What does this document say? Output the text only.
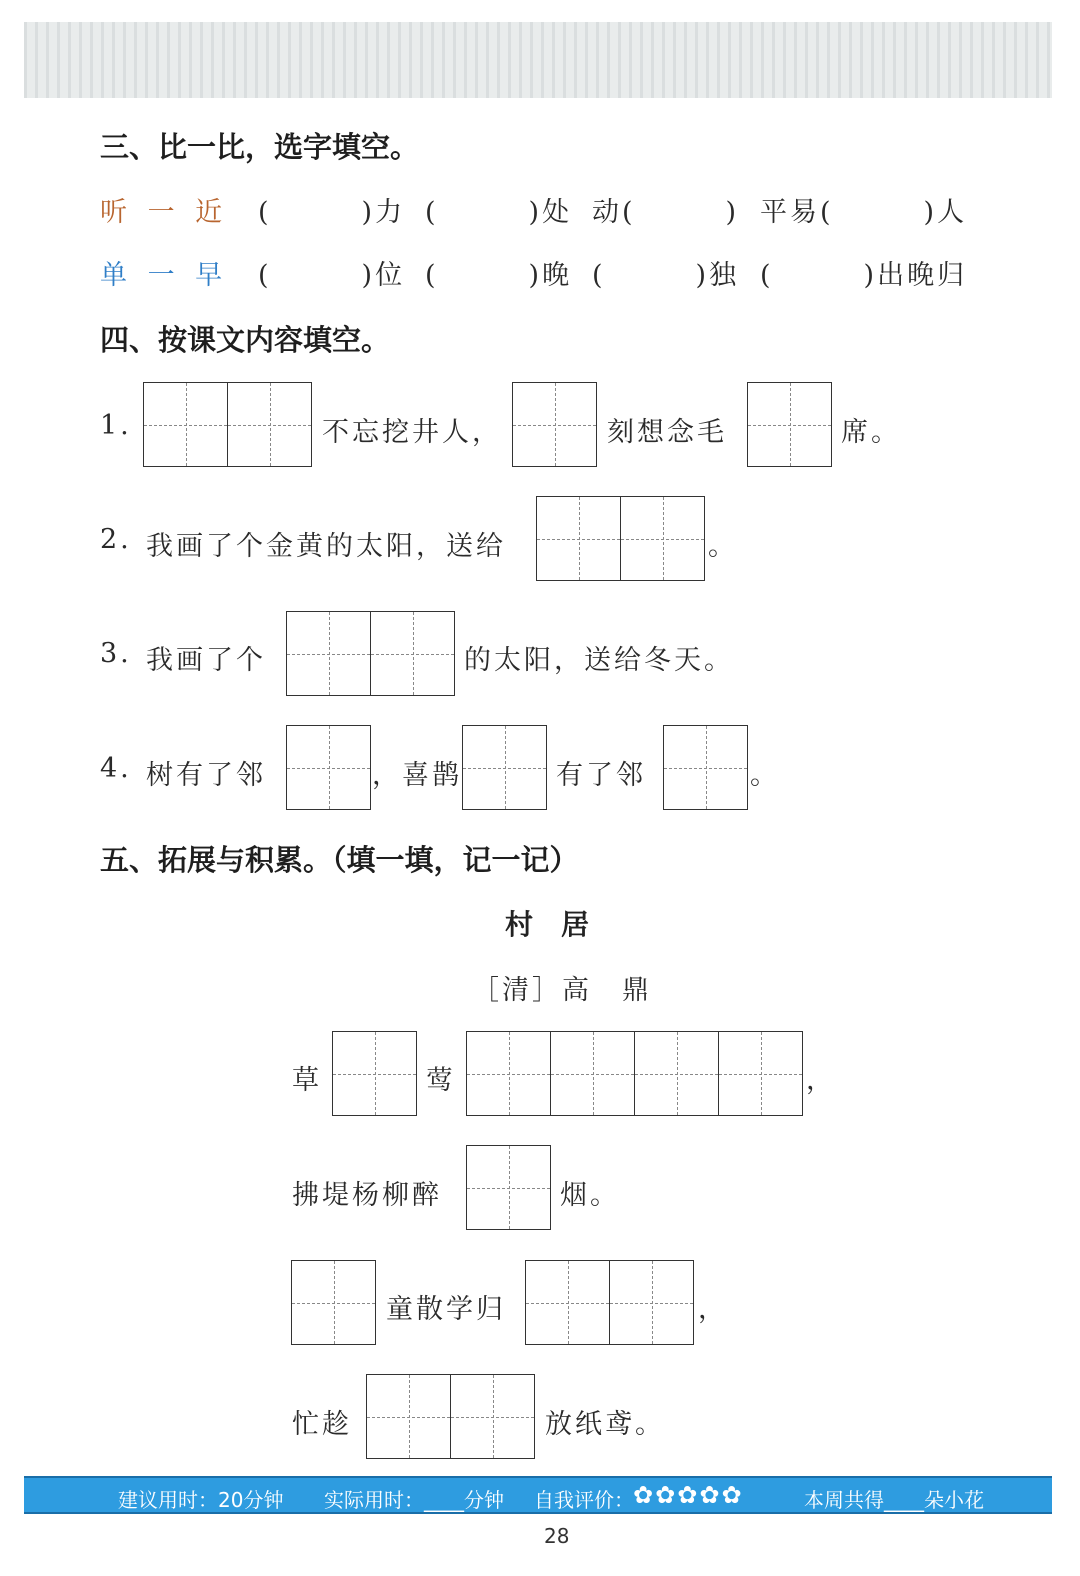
三、比一比，选字填空。
听 一 近 (　　　)力 (　　　)处 动(　　　) 平易(　　　)人
单 一 早 (　　　)位 (　　　)晚 (　　　)独 (　　　)出晚归
四、按课文内容填空。
1.	不忘挖井人，	刻想念毛	席。
2. 我画了个金黄的太阳，送给	。
3. 我画了个	的太阳，送给冬天。
4. 树有了邻	，喜鹊	有了邻	。
五、拓展与积累。（填一填，记一记）
村　居
［清］高　鼎
草	莺	，
拂堤杨柳醉	烟。
童散学归	，
忙趁	放纸鸢。
建议用时：20分钟 实际用时：____分钟 自我评价： ✿✿✿✿✿	本周共得____朵小花
28
